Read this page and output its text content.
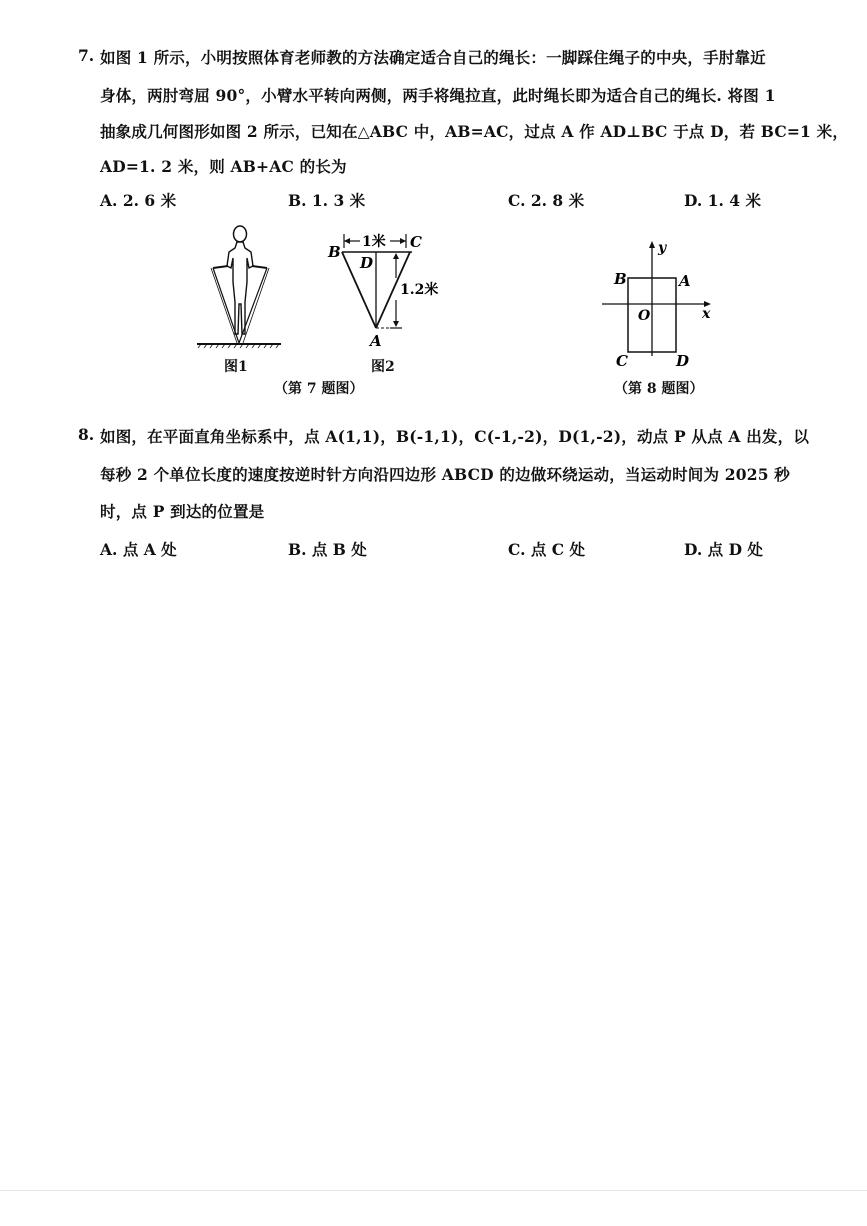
7. 如图 1 所示，小明按照体育老师教的方法确定适合自己的绳长：一脚踩住绳子的中央，手肘靠近
身体，两肘弯屈 90°，小臂水平转向两侧，两手将绳拉直，此时绳长即为适合自己的绳长. 将图 1
抽象成几何图形如图 2 所示，已知在△ABC 中，AB=AC，过点 A 作 AD⊥BC 于点 D，若 BC=1 米，
AD=1. 2 米，则 AB+AC 的长为
A. 2. 6 米	B. 1. 3 米	C. 2. 8 米	D. 1. 4 米
图1
1米
1.2米
B
C
D
A
图2
（第 7 题图）
y
x
O
A
B
C	D
（第 8 题图）
8. 如图，在平面直角坐标系中，点 A(1,1)，B(-1,1)，C(-1,-2)，D(1,-2)，动点 P 从点 A 出发，以
每秒 2 个单位长度的速度按逆时针方向沿四边形 ABCD 的边做环绕运动，当运动时间为 2025 秒
时，点 P 到达的位置是
A. 点 A 处	B. 点 B 处	C. 点 C 处	D. 点 D 处
